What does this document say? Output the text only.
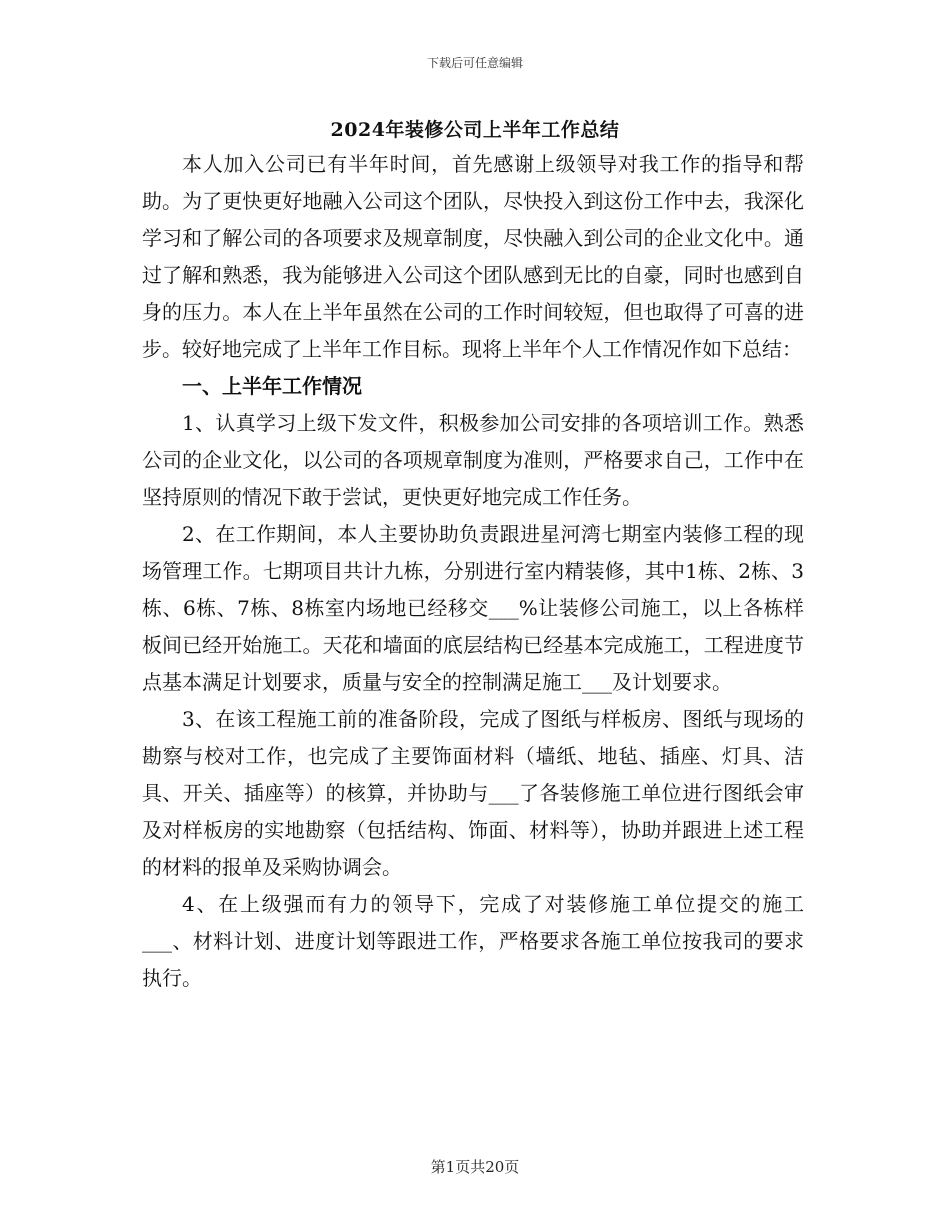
下载后可任意编辑
2024年装修公司上半年工作总结

本人加入公司已有半年时间，首先感谢上级领导对我工作的指导和帮助。为了更快更好地融入公司这个团队，尽快投入到这份工作中去，我深化学习和了解公司的各项要求及规章制度，尽快融入到公司的企业文化中。通过了解和熟悉，我为能够进入公司这个团队感到无比的自豪，同时也感到自身的压力。本人在上半年虽然在公司的工作时间较短，但也取得了可喜的进步。较好地完成了上半年工作目标。现将上半年个人工作情况作如下总结：

一、上半年工作情况

1、认真学习上级下发文件，积极参加公司安排的各项培训工作。熟悉公司的企业文化，以公司的各项规章制度为准则，严格要求自己，工作中在坚持原则的情况下敢于尝试，更快更好地完成工作任务。

2、在工作期间，本人主要协助负责跟进星河湾七期室内装修工程的现场管理工作。七期项目共计九栋，分别进行室内精装修，其中1栋、2栋、3栋、6栋、7栋、8栋室内场地已经移交___%让装修公司施工，以上各栋样板间已经开始施工。天花和墙面的底层结构已经基本完成施工，工程进度节点基本满足计划要求，质量与安全的控制满足施工___及计划要求。

3、在该工程施工前的准备阶段，完成了图纸与样板房、图纸与现场的勘察与校对工作，也完成了主要饰面材料（墙纸、地毡、插座、灯具、洁具、开关、插座等）的核算，并协助与___了各装修施工单位进行图纸会审及对样板房的实地勘察（包括结构、饰面、材料等），协助并跟进上述工程的材料的报单及采购协调会。

4、在上级强而有力的领导下，完成了对装修施工单位提交的施工___、材料计划、进度计划等跟进工作，严格要求各施工单位按我司的要求执行。

第1页共20页
